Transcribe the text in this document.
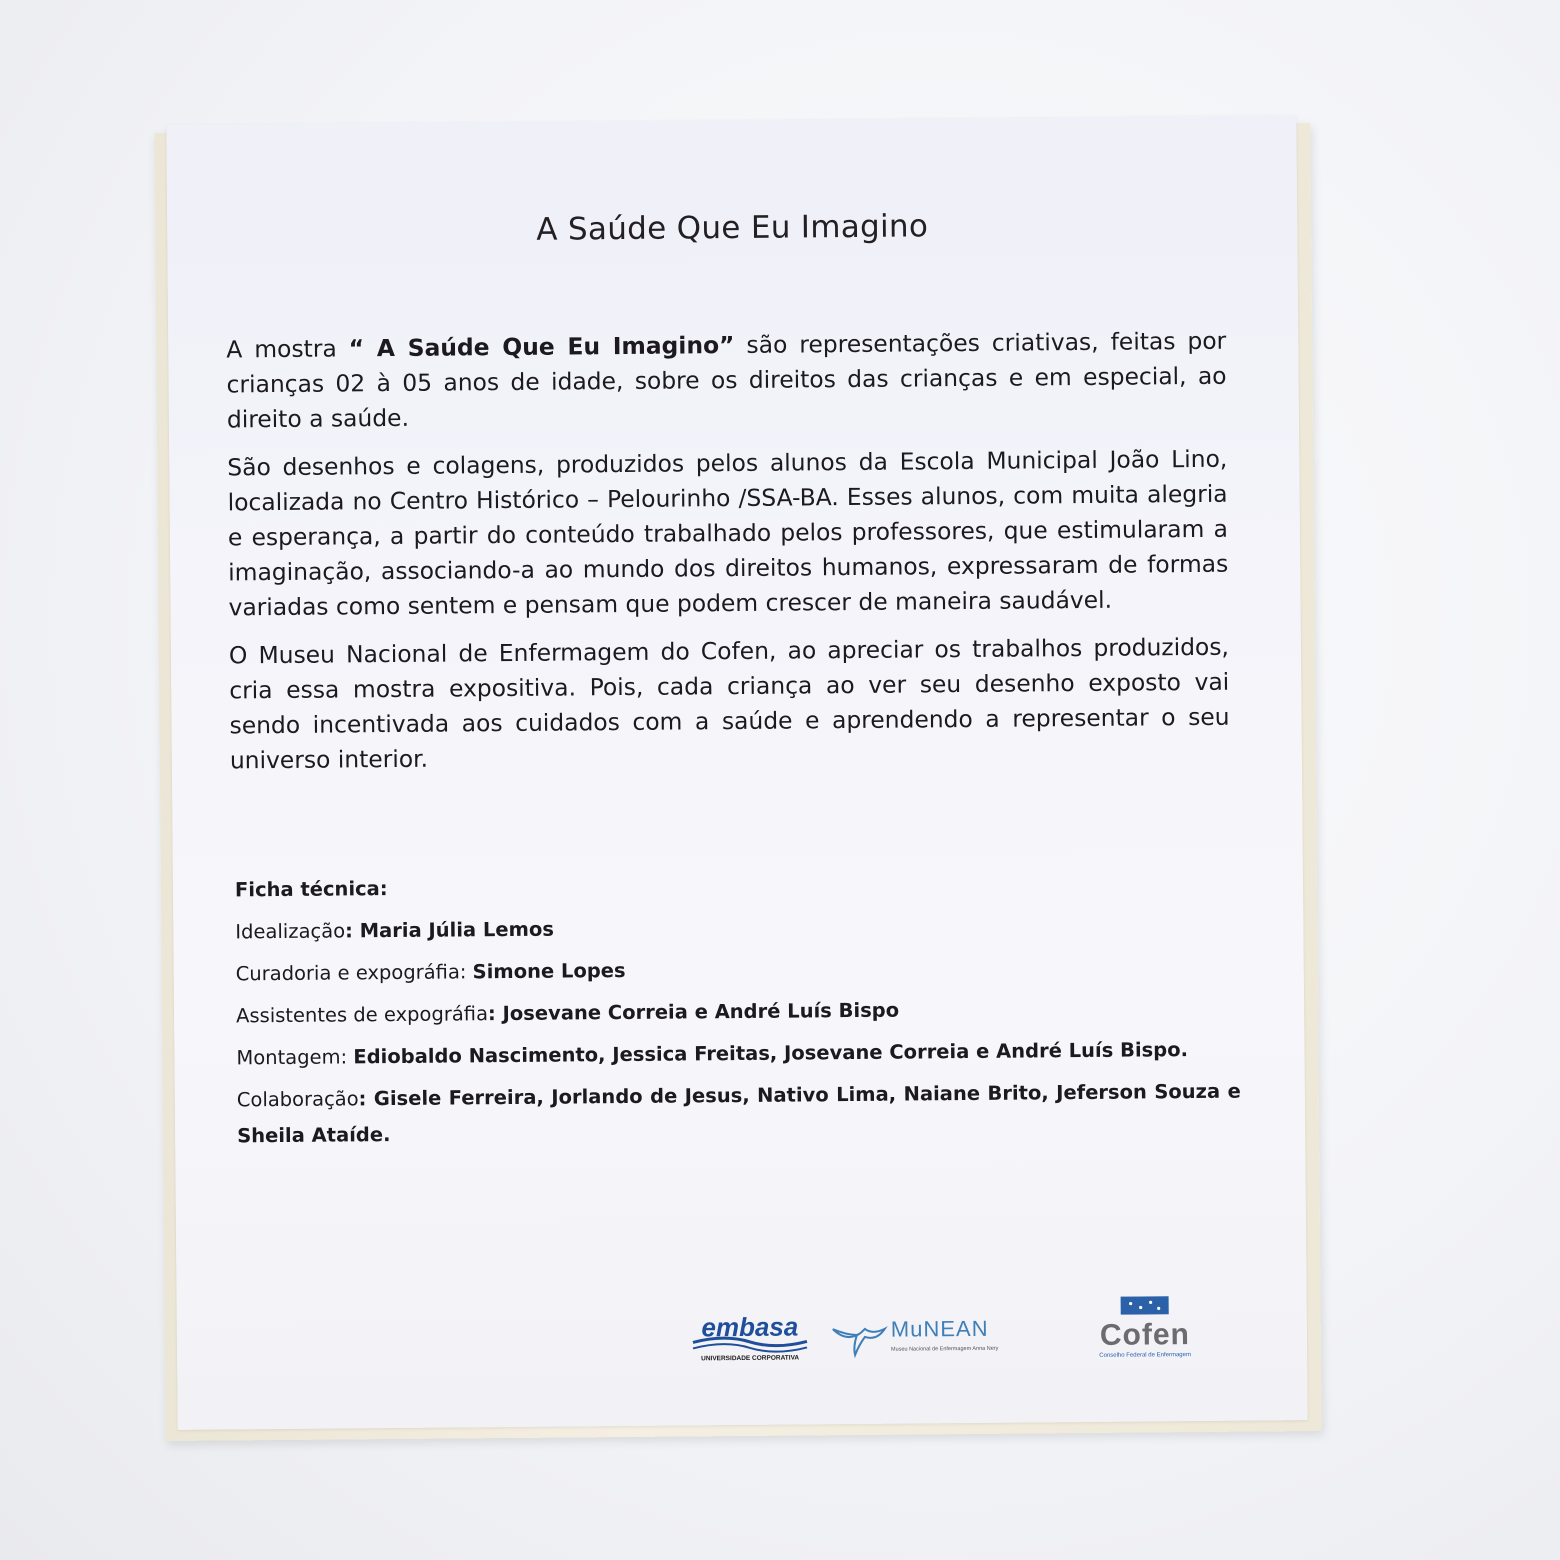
A Saúde Que Eu Imagino

A mostra “ A Saúde Que Eu Imagino” são representações criativas, feitas por crianças 02 à 05 anos de idade, sobre os direitos das crianças e em especial, ao direito a saúde.

São desenhos e colagens, produzidos pelos alunos da Escola Municipal João Lino, localizada no Centro Histórico – Pelourinho /SSA-BA. Esses alunos, com muita alegria e esperança, a partir do conteúdo trabalhado pelos professores, que estimularam a imaginação, associando-a ao mundo dos direitos humanos, expressaram de formas variadas como sentem e pensam que podem crescer de maneira saudável.

O Museu Nacional de Enfermagem do Cofen, ao apreciar os trabalhos produzidos, cria essa mostra expositiva. Pois, cada criança ao ver seu desenho exposto vai sendo incentivada aos cuidados com a saúde e aprendendo a representar o seu universo interior.

Ficha técnica:
Idealização: Maria Júlia Lemos
Curadoria e expográfia: Simone Lopes
Assistentes de expográfia: Josevane Correia e André Luís Bispo
Montagem: Ediobaldo Nascimento, Jessica Freitas, Josevane Correia e André Luís Bispo.
Colaboração: Gisele Ferreira, Jorlando de Jesus, Nativo Lima, Naiane Brito, Jeferson Souza e Sheila Ataíde.
embasa
UNIVERSIDADE CORPORATIVA
MuNEAN
Museu Nacional de Enfermagem Anna Nery	Cofen
Conselho Federal de Enfermagem
